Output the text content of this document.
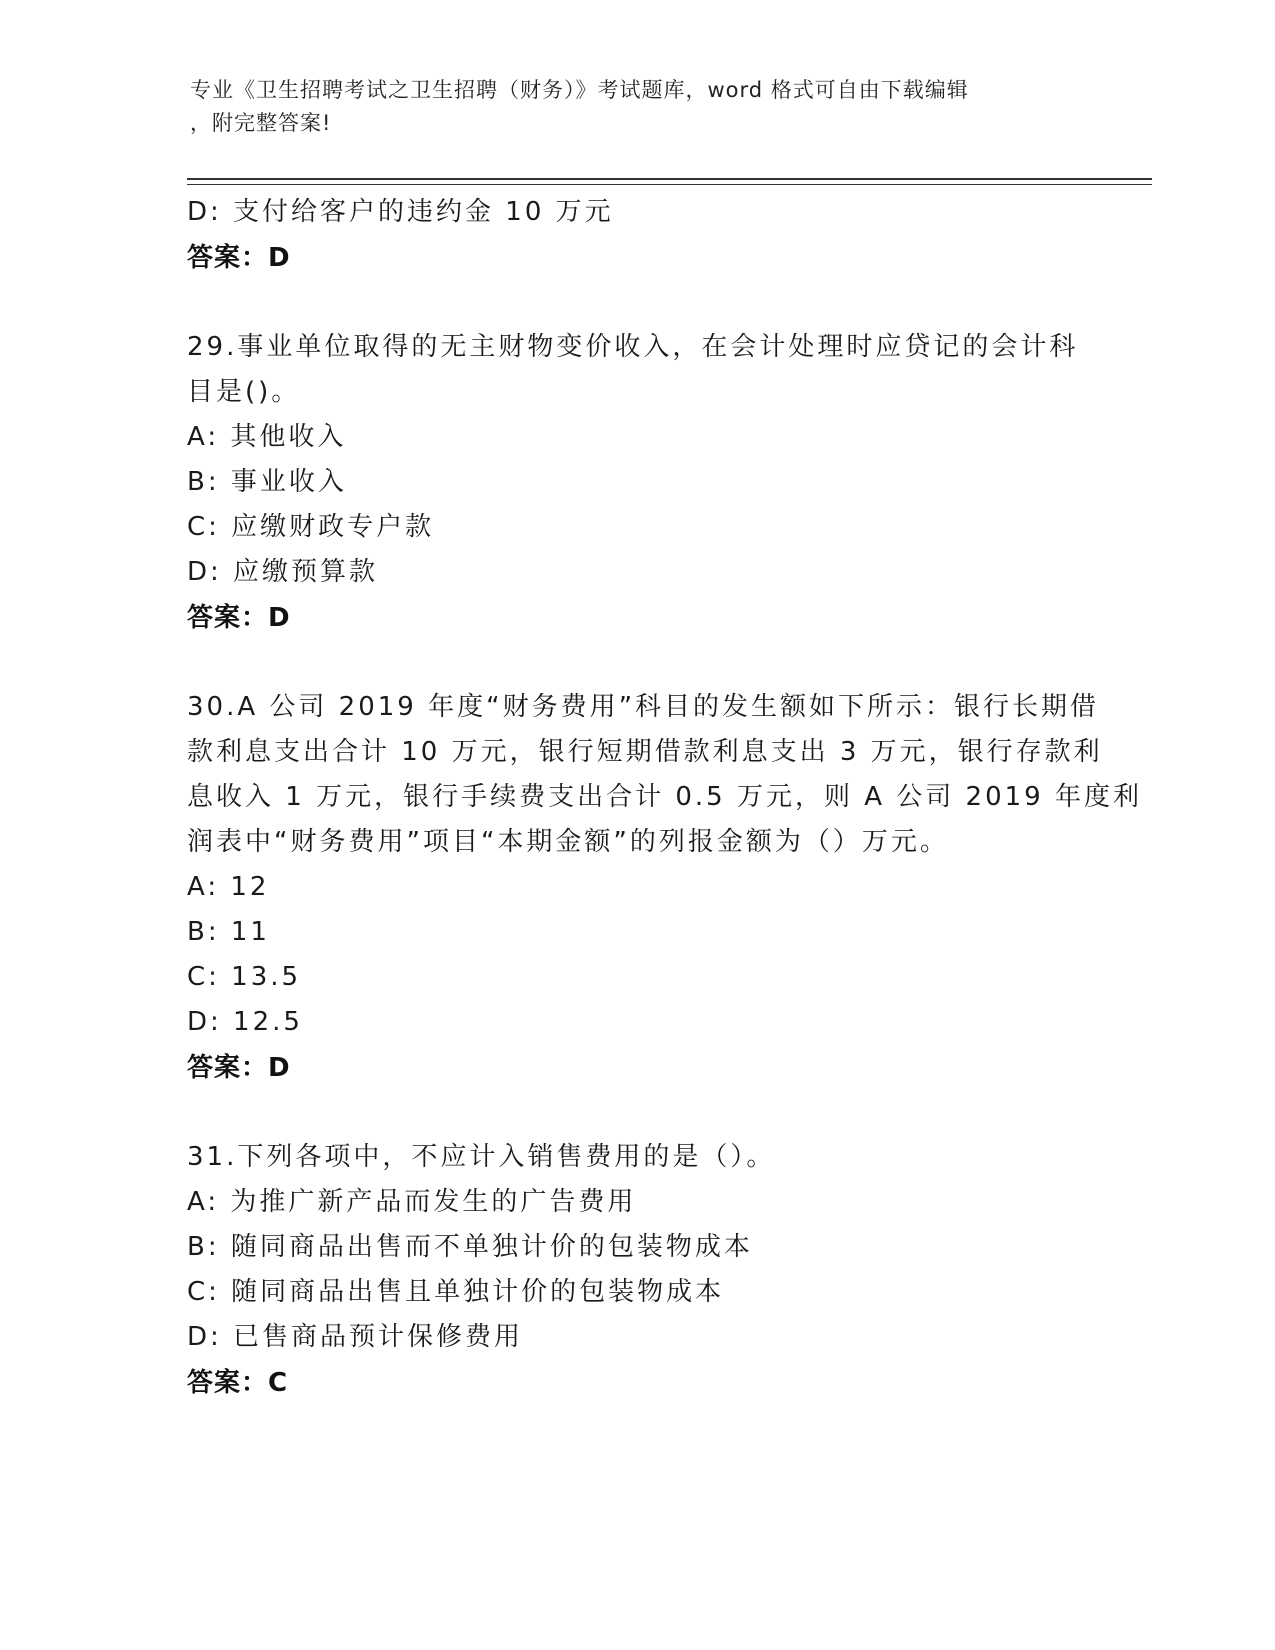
专业《卫生招聘考试之卫生招聘（财务）》考试题库，word 格式可自由下载编辑
，附完整答案!
D: 支付给客户的违约金 10 万元
答案：D
29.事业单位取得的无主财物变价收入，在会计处理时应贷记的会计科
目是()。
A: 其他收入
B: 事业收入
C: 应缴财政专户款
D: 应缴预算款
答案：D
30.A 公司 2019 年度“财务费用”科目的发生额如下所示：银行长期借
款利息支出合计 10 万元，银行短期借款利息支出 3 万元，银行存款利
息收入 1 万元，银行手续费支出合计 0.5 万元，则 A 公司 2019 年度利
润表中“财务费用”项目“本期金额”的列报金额为（）万元。
A: 12
B: 11
C: 13.5
D: 12.5
答案：D
31.下列各项中，不应计入销售费用的是（）。
A: 为推广新产品而发生的广告费用
B: 随同商品出售而不单独计价的包装物成本
C: 随同商品出售且单独计价的包装物成本
D: 已售商品预计保修费用
答案：C
